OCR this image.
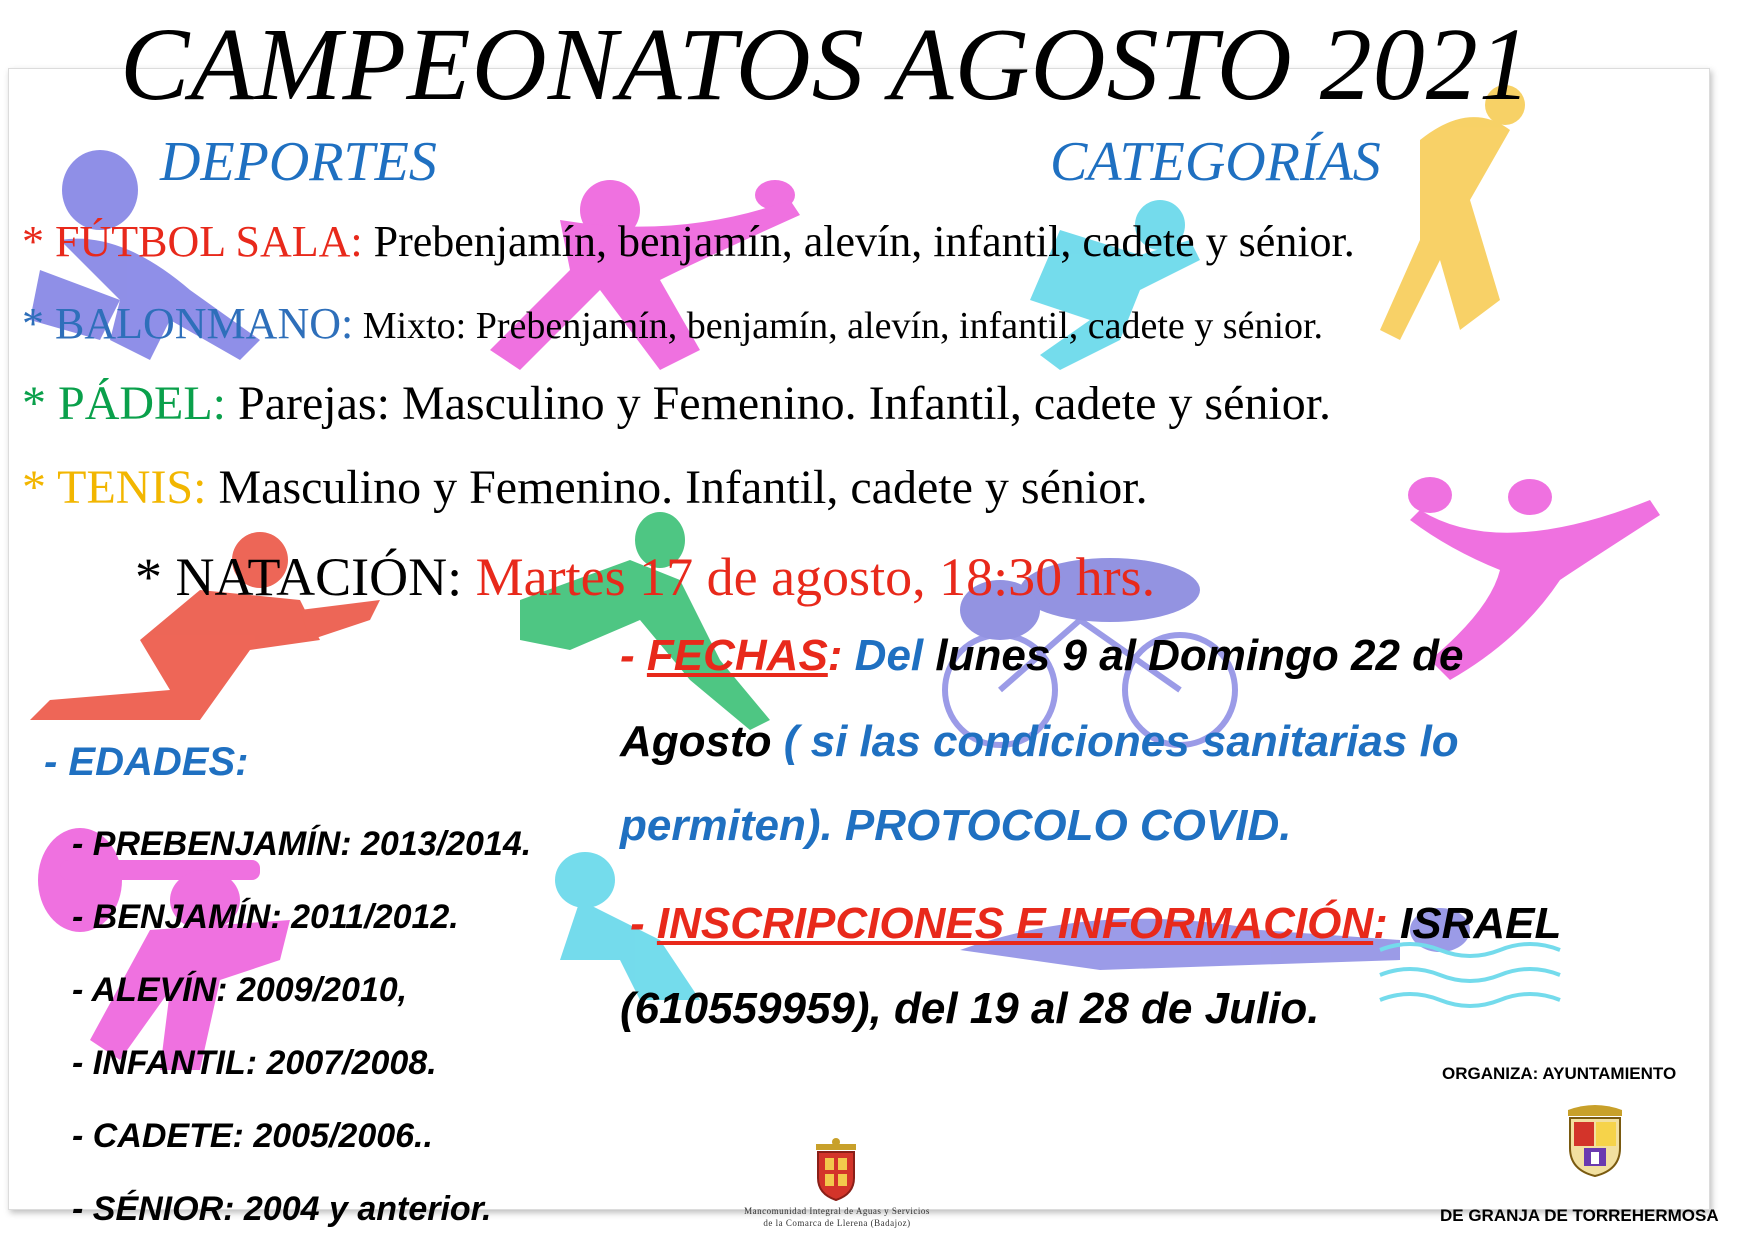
CAMPEONATOS AGOSTO 2021
DEPORTES	CATEGORÍAS
* FÚTBOL SALA: Prebenjamín, benjamín, alevín, infantil, cadete y sénior.
* BALONMANO: Mixto: Prebenjamín, benjamín, alevín, infantil, cadete y sénior.
* PÁDEL: Parejas: Masculino y Femenino. Infantil, cadete y sénior.
* TENIS: Masculino y Femenino. Infantil, cadete y sénior.
* NATACIÓN: Martes 17 de agosto, 18:30 hrs.
- FECHAS: Del lunes 9 al Domingo 22 de
Agosto ( si las condiciones sanitarias lo
permiten). PROTOCOLO COVID.
- INSCRIPCIONES E INFORMACIÓN: ISRAEL
(610559959), del 19 al 28 de Julio.
- EDADES:
- PREBENJAMÍN: 2013/2014.
- BENJAMÍN: 2011/2012.
- ALEVÍN: 2009/2010,
- INFANTIL: 2007/2008.
- CADETE: 2005/2006..
- SÉNIOR: 2004 y anterior.	Mancomunidad Integral de Aguas y Servicios
de la Comarca de Llerena (Badajoz)
ORGANIZA: AYUNTAMIENTO
DE GRANJA DE TORREHERMOSA
